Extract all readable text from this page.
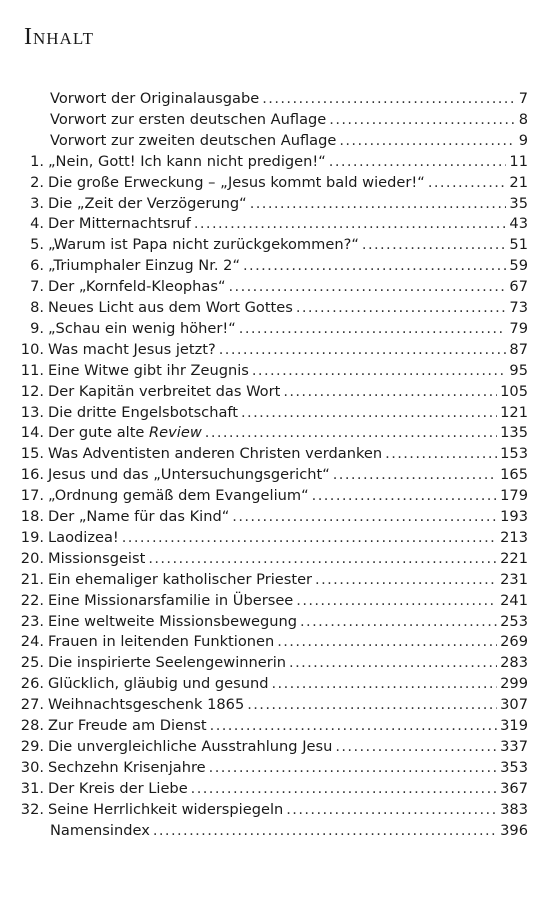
Inhalt
Vorwort der Originalausgabe .....	7
Vorwort zur ersten deutschen Auflage .....	8
Vorwort zur zweiten deutschen Auflage .....	9
1. „Nein, Gott! Ich kann nicht predigen!“ .....	11
2. Die große Erweckung – „Jesus kommt bald wieder!“ .....	21
3. Die „Zeit der Verzögerung“ .....	35
4. Der Mitternachtsruf .....	43
5. „Warum ist Papa nicht zurückgekommen?“ .....	51
6. „Triumphaler Einzug Nr. 2“ .....	59
7. Der „Kornfeld-Kleophas“ .....	67
8. Neues Licht aus dem Wort Gottes .....	73
9. „Schau ein wenig höher!“ .....	79
10. Was macht Jesus jetzt? .....	87
11. Eine Witwe gibt ihr Zeugnis .....	95
12. Der Kapitän verbreitet das Wort .....	105
13. Die dritte Engelsbotschaft .....	121
14. Der gute alte Review .....	135
15. Was Adventisten anderen Christen verdanken .....	153
16. Jesus und das „Untersuchungsgericht“ .....	165
17. „Ordnung gemäß dem Evangelium“ .....	179
18. Der „Name für das Kind“ .....	193
19. Laodizea! .....	213
20. Missionsgeist .....	221
21. Ein ehemaliger katholischer Priester .....	231
22. Eine Missionarsfamilie in Übersee .....	241
23. Eine weltweite Missionsbewegung .....	253
24. Frauen in leitenden Funktionen .....	269
25. Die inspirierte Seelengewinnerin .....	283
26. Glücklich, gläubig und gesund .....	299
27. Weihnachtsgeschenk 1865 .....	307
28. Zur Freude am Dienst .....	319
29. Die unvergleichliche Ausstrahlung Jesu .....	337
30. Sechzehn Krisenjahre .....	353
31. Der Kreis der Liebe .....	367
32. Seine Herrlichkeit widerspiegeln .....	383
Namensindex .....	396
